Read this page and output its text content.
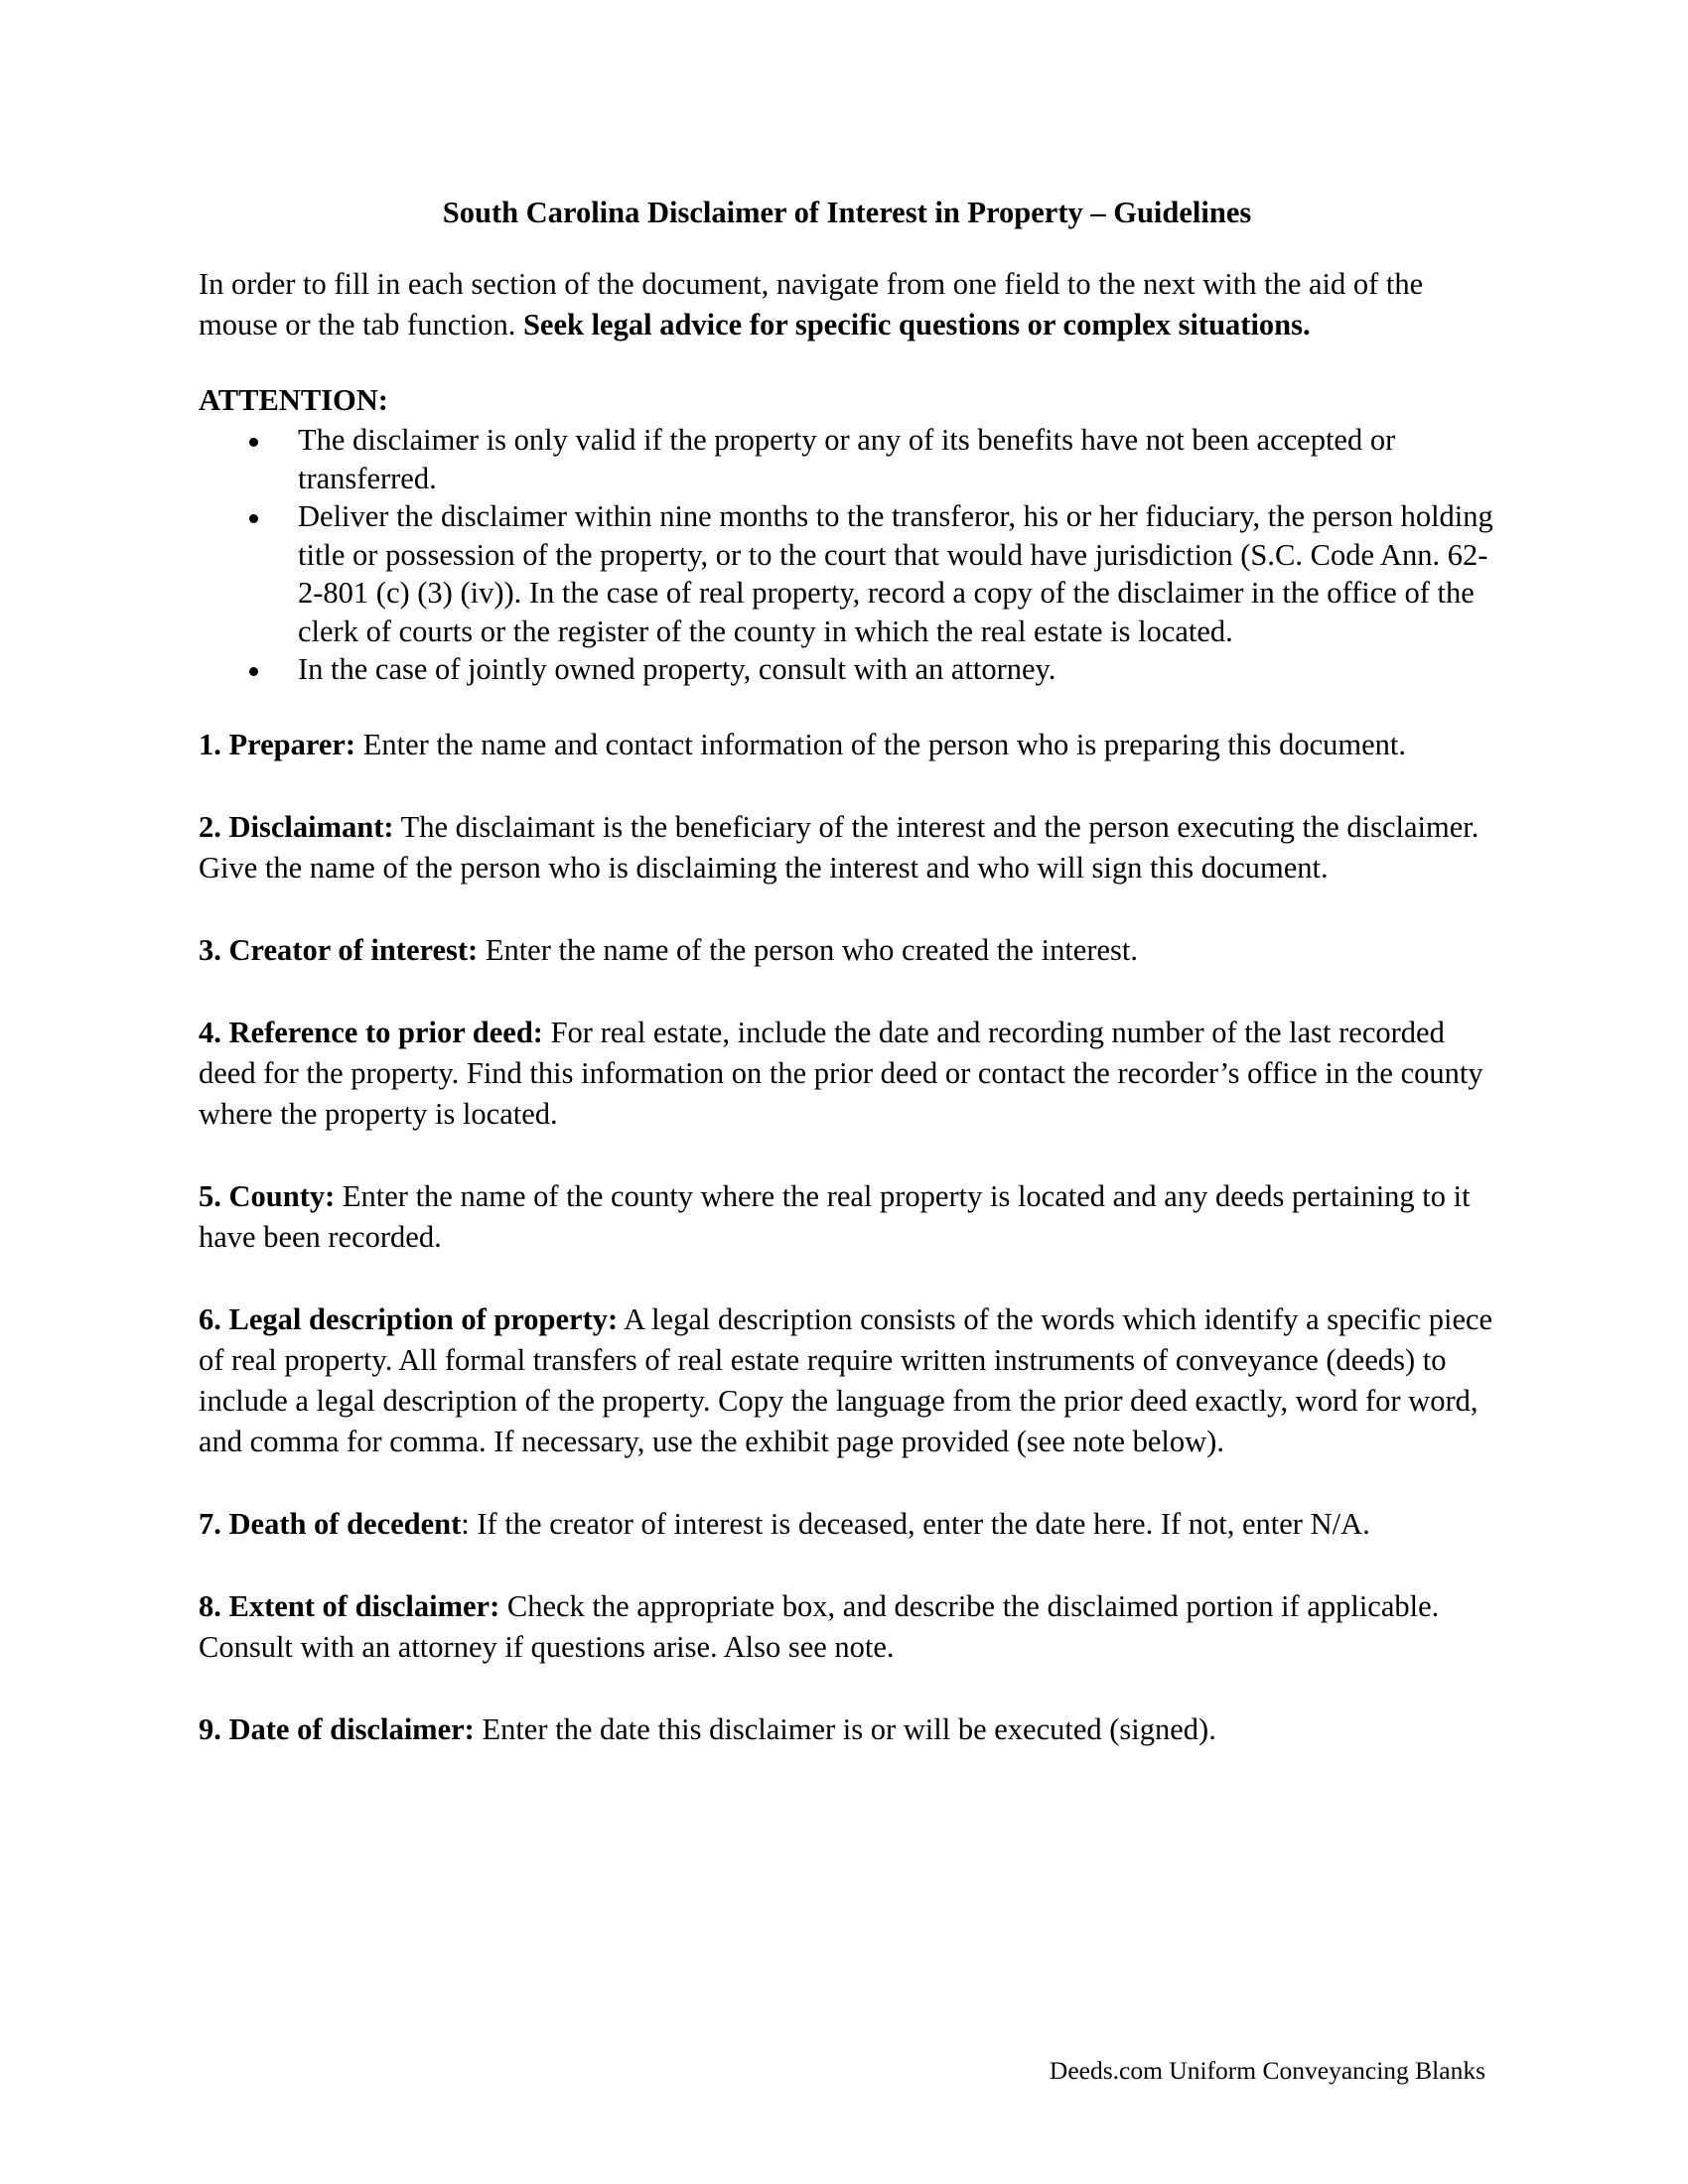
South Carolina Disclaimer of Interest in Property – Guidelines

In order to fill in each section of the document, navigate from one field to the next with the aid of the mouse or the tab function. Seek legal advice for specific questions or complex situations.

ATTENTION:
The disclaimer is only valid if the property or any of its benefits have not been accepted or transferred.
Deliver the disclaimer within nine months to the transferor, his or her fiduciary, the person holding title or possession of the property, or to the court that would have jurisdiction (S.C. Code Ann. 62-2-801 (c) (3) (iv)). In the case of real property, record a copy of the disclaimer in the office of the clerk of courts or the register of the county in which the real estate is located.
In the case of jointly owned property, consult with an attorney.

1. Preparer: Enter the name and contact information of the person who is preparing this document.

2. Disclaimant: The disclaimant is the beneficiary of the interest and the person executing the disclaimer. Give the name of the person who is disclaiming the interest and who will sign this document.

3. Creator of interest: Enter the name of the person who created the interest.

4. Reference to prior deed: For real estate, include the date and recording number of the last recorded deed for the property. Find this information on the prior deed or contact the recorder’s office in the county where the property is located.

5. County: Enter the name of the county where the real property is located and any deeds pertaining to it have been recorded.

6. Legal description of property: A legal description consists of the words which identify a specific piece of real property. All formal transfers of real estate require written instruments of conveyance (deeds) to include a legal description of the property. Copy the language from the prior deed exactly, word for word, and comma for comma. If necessary, use the exhibit page provided (see note below).

7. Death of decedent: If the creator of interest is deceased, enter the date here. If not, enter N/A.

8. Extent of disclaimer: Check the appropriate box, and describe the disclaimed portion if applicable. Consult with an attorney if questions arise. Also see note.

9. Date of disclaimer: Enter the date this disclaimer is or will be executed (signed).

Deeds.com Uniform Conveyancing Blanks
